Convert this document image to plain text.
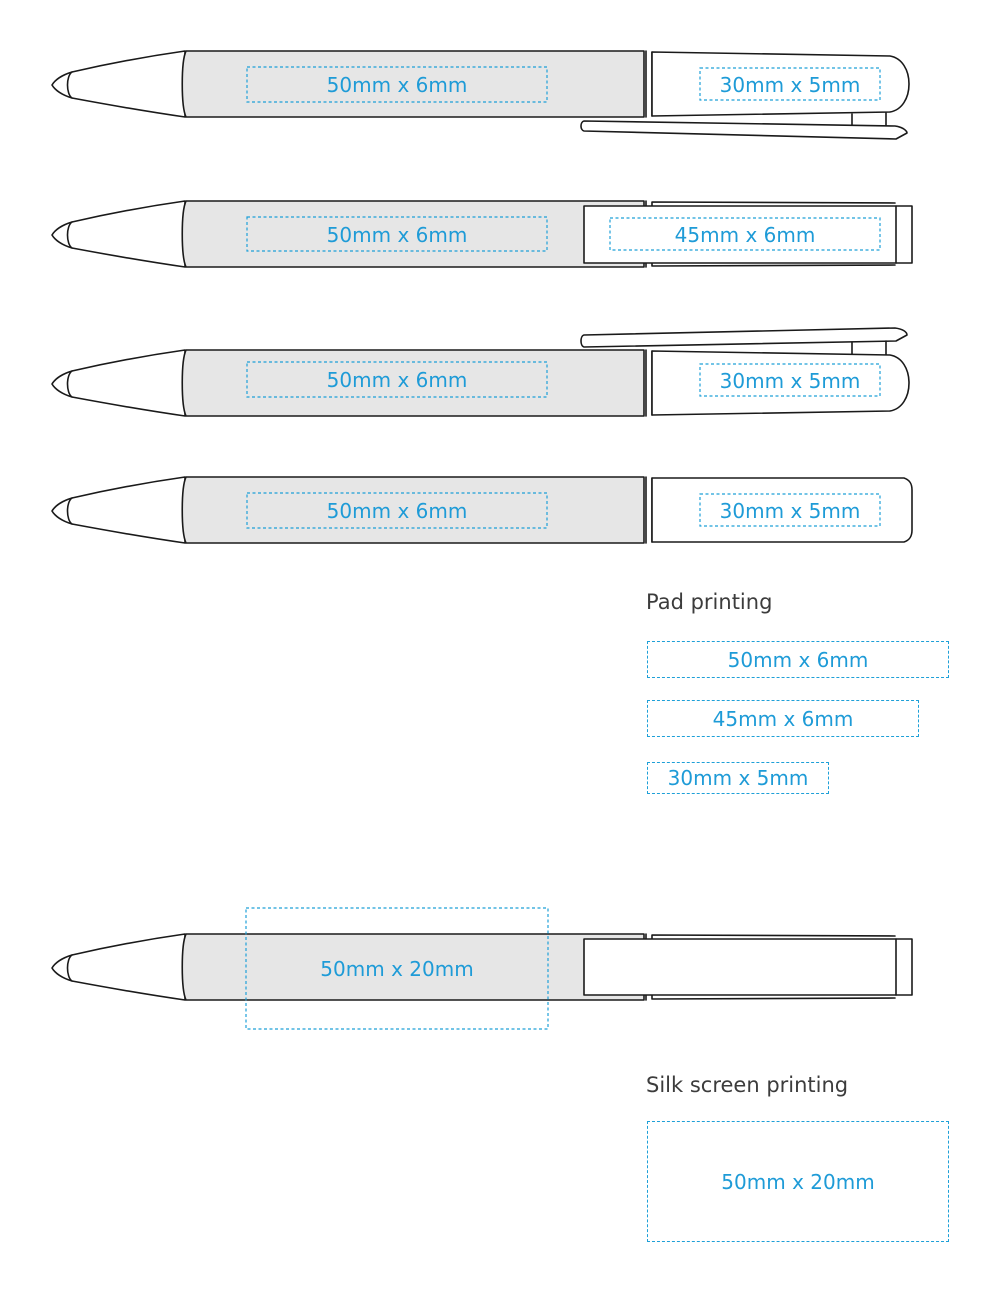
50mm x 6mm	30mm x 5mm
50mm x 6mm	45mm x 6mm
50mm x 6mm	30mm x 5mm
50mm x 6mm	30mm x 5mm
Pad printing
50mm x 6mm
45mm x 6mm
30mm x 5mm
50mm x 20mm
Silk screen printing
50mm x 20mm
